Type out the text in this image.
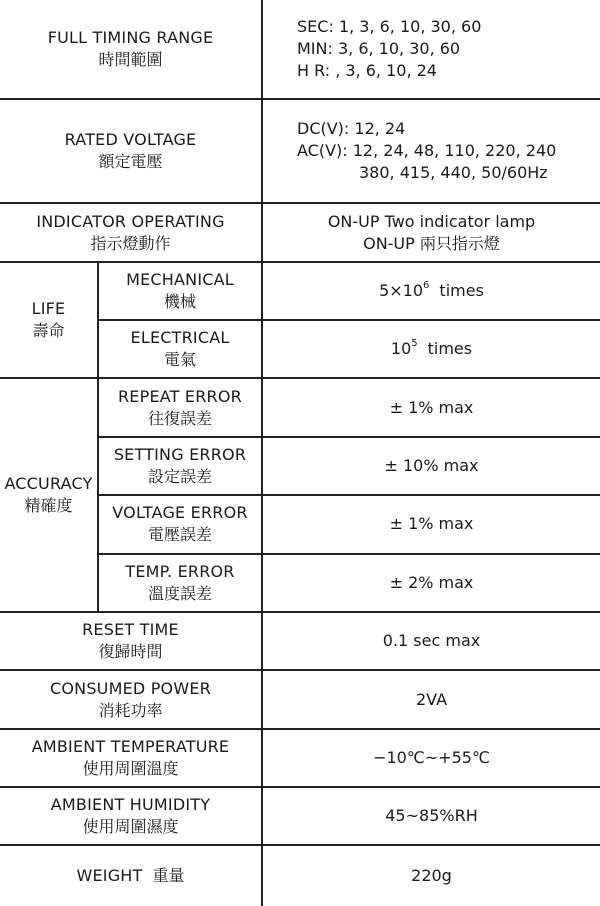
FULL TIMING RANGE
時間範圍		SEC: 1, 3, 6, 10, 30, 60
MIN: 3, 6, 10, 30, 60
H R: , 3, 6, 10, 24

RATED VOLTAGE
額定電壓		DC(V): 12, 24
AC(V): 12, 24, 48, 110, 220, 240
380, 415, 440, 50/60Hz

INDICATOR OPERATING
指示燈動作		ON-UP Two indicator lamp
ON-UP 兩只指示燈

LIFE
壽命	MECHANICAL
機械	$5\times 10^6$ times

	ELECTRICAL
電氣	$10^5$ times

ACCURACY
精確度	REPEAT ERROR
往復誤差	± 1% max

	SETTING ERROR
設定誤差	± 10% max

	VOLTAGE ERROR
電壓誤差	± 1% max

	TEMP. ERROR
溫度誤差	± 2% max

RESET TIME
復歸時間		0.1 sec max

CONSUMED POWER
消耗功率		2VA

AMBIENT TEMPERATURE
使用周圍溫度		−10℃~+55℃

AMBIENT HUMIDITY
使用周圍濕度		45~85%RH
WEIGHT 重量		220g
